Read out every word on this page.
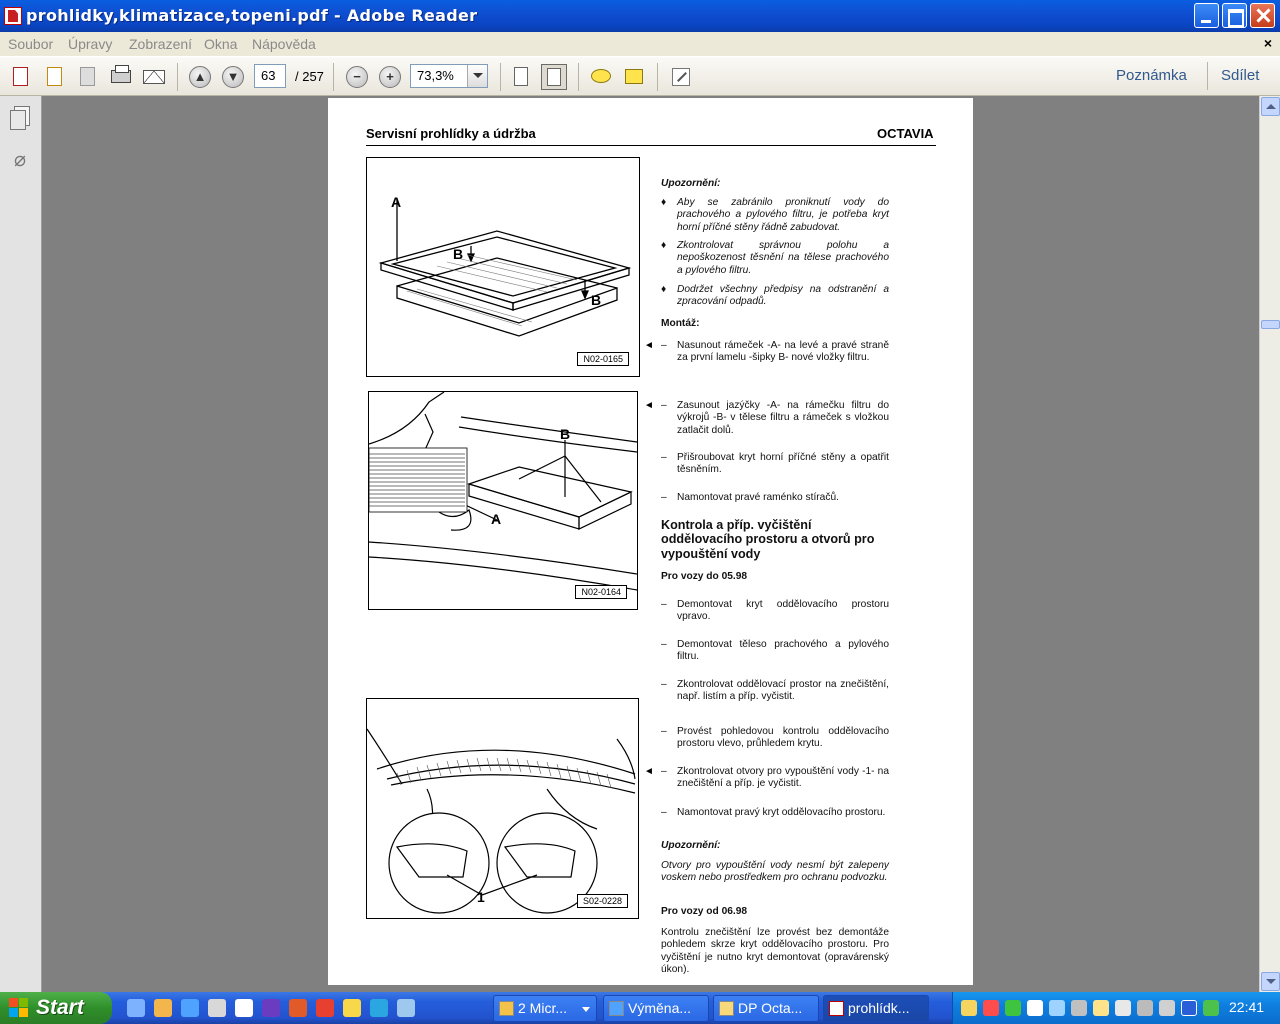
prohlidky,klimatizace,topeni.pdf - Adobe Reader
Soubor Úpravy Zobrazení Okna Nápověda	×
▲ ▼	−	+
63	/ 257	73,3%	Poznámka Sdílet
⌀
Servisní prohlídky a údržba	OCTAVIA
A
B
B
N02-0165
B
A
N02-0164
1	S02-0228
◄
◄
◄
Upozornění:
♦ Aby se zabránilo proniknutí vody do prachového a pylového filtru, je potřeba kryt horní příčné stěny řádně zabudovat.
♦ Zkontrolovat správnou polohu a nepoškozenost těsnění na tělese prachového a pylového filtru.
♦ Dodržet všechny předpisy na odstranění a zpracování odpadů.
Montáž:
– Nasunout rámeček -A- na levé a pravé straně za první lamelu -šipky B- nové vložky filtru.
– Zasunout jazýčky -A- na rámečku filtru do výkrojů -B- v tělese filtru a rámeček s vložkou zatlačit dolů.
– Přišroubovat kryt horní příčné stěny a opatřit těsněním.
– Namontovat pravé raménko stíračů.
Kontrola a příp. vyčištění oddělovacího prostoru a otvorů pro vypouštění vody
Pro vozy do 05.98
– Demontovat kryt oddělovacího prostoru vpravo.
– Demontovat těleso prachového a pylového filtru.
– Zkontrolovat oddělovací prostor na znečištění, např. listím a příp. vyčistit.
– Provést pohledovou kontrolu oddělovacího prostoru vlevo, průhledem krytu.
– Zkontrolovat otvory pro vypouštění vody -1- na znečištění a příp. je vyčistit.
– Namontovat pravý kryt oddělovacího prostoru.
Upozornění:
Otvory pro vypouštění vody nesmí být zalepeny voskem nebo prostředkem pro ochranu podvozku.
Pro vozy od 06.98
Kontrolu znečištění lze provést bez demontáže pohledem skrze kryt oddělovacího prostoru. Pro vyčištění je nutno kryt demontovat (opravárenský úkon).
Start	2 Micr...	Výměna...	DP Octa...	prohlídk...	22:41
